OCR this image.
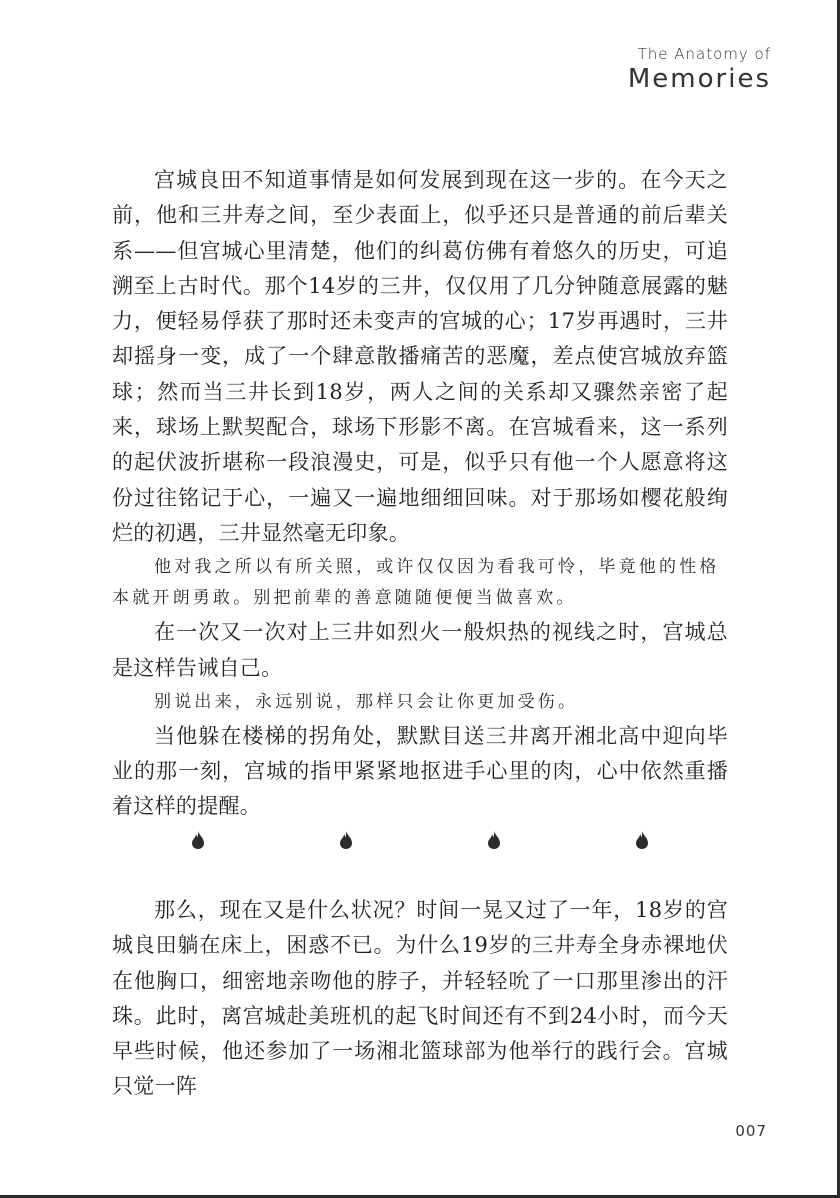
The Anatomy of
Memories

宫城良田不知道事情是如何发展到现在这一步的。在今天之前，他和三井寿之间，至少表面上，似乎还只是普通的前后辈关系——但宫城心里清楚，他们的纠葛仿佛有着悠久的历史，可追溯至上古时代。那个14岁的三井，仅仅用了几分钟随意展露的魅力，便轻易俘获了那时还未变声的宫城的心；17岁再遇时，三井却摇身一变，成了一个肆意散播痛苦的恶魔，差点使宫城放弃篮球；然而当三井长到18岁，两人之间的关系却又骤然亲密了起来，球场上默契配合，球场下形影不离。在宫城看来，这一系列的起伏波折堪称一段浪漫史，可是，似乎只有他一个人愿意将这份过往铭记于心，一遍又一遍地细细回味。对于那场如樱花般绚烂的初遇，三井显然毫无印象。

他对我之所以有所关照，或许仅仅因为看我可怜，毕竟他的性格本就开朗勇敢。别把前辈的善意随随便便当做喜欢。

在一次又一次对上三井如烈火一般炽热的视线之时，宫城总是这样告诫自己。

别说出来，永远别说，那样只会让你更加受伤。

当他躲在楼梯的拐角处，默默目送三井离开湘北高中迎向毕业的那一刻，宫城的指甲紧紧地抠进手心里的肉，心中依然重播着这样的提醒。

那么，现在又是什么状况？时间一晃又过了一年，18岁的宫城良田躺在床上，困惑不已。为什么19岁的三井寿全身赤裸地伏在他胸口，细密地亲吻他的脖子，并轻轻吮了一口那里渗出的汗珠。此时，离宫城赴美班机的起飞时间还有不到24小时，而今天早些时候，他还参加了一场湘北篮球部为他举行的践行会。宫城只觉一阵

007
